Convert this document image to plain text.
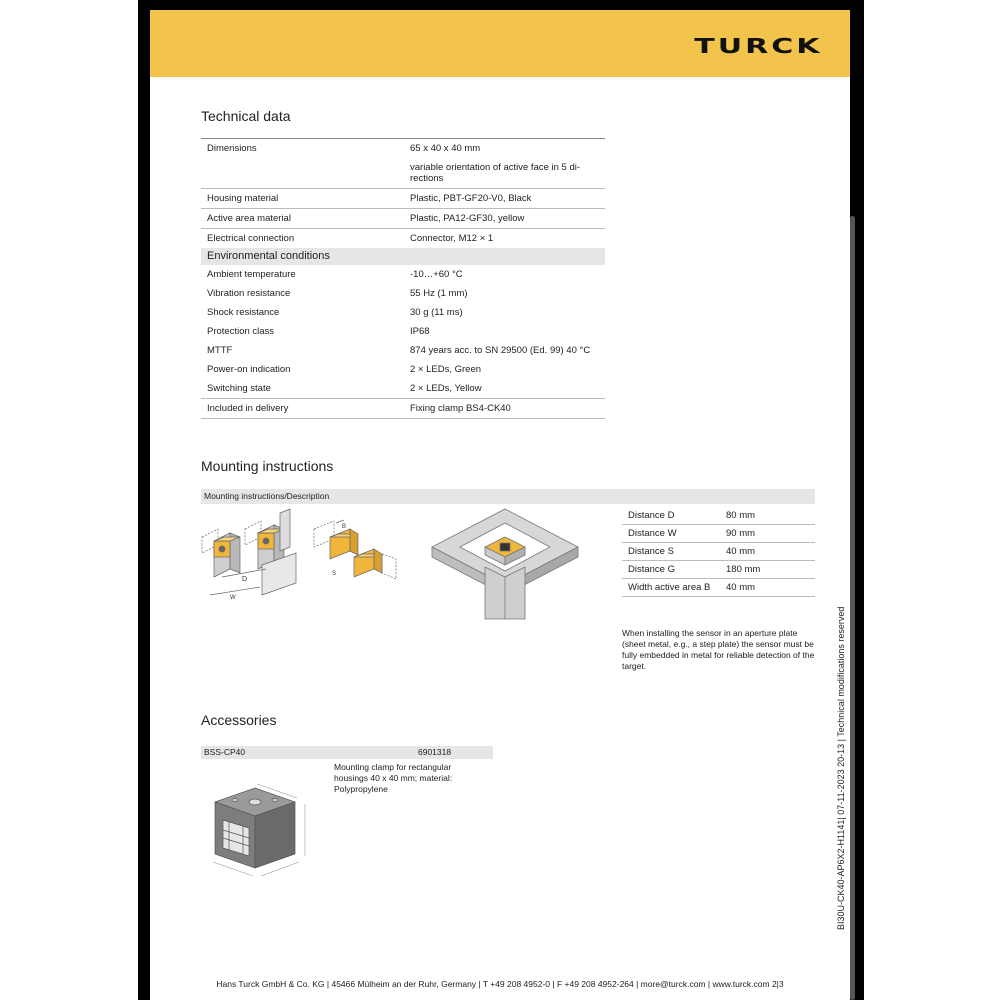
TURCK
Technical data
Dimensions	65 x 40 x 40 mm
	variable orientation of active face in 5 di-
rections
Housing material	Plastic, PBT-GF20-V0, Black
Active area material	Plastic, PA12-GF30, yellow
Electrical connection	Connector, M12 × 1
Environmental conditions	
Ambient temperature	-10…+60 °C
Vibration resistance	55 Hz (1 mm)
Shock resistance	30 g (11 ms)
Protection class	IP68
MTTF	874 years acc. to SN 29500 (Ed. 99) 40 °C
Power-on indication	2 × LEDs, Green
Switching state	2 × LEDs, Yellow
Included in delivery	Fixing clamp BS4-CK40
Mounting instructions
Mounting instructions/Description
D
W
B
S
Distance D	80 mm
Distance W	90 mm
Distance S	40 mm
Distance G	180 mm
Width active area B	40 mm
When installing the sensor in an aperture plate (sheet metal, e.g., a step plate) the sensor must be fully embedded in metal for reliable detection of the target.
Accessories
BSS-CP40	6901318
Mounting clamp for rectangular housings 40 x 40 mm; material: Polypropylene
Hans Turck GmbH & Co. KG | 45466 Mülheim an der Ruhr, Germany | T +49 208 4952-0 | F +49 208 4952-264 | more@turck.com | www.turck.com 2|3
BI30U-CK40-AP6X2-H1141| 07-11-2023 20-13 | Technical modifications reserved
